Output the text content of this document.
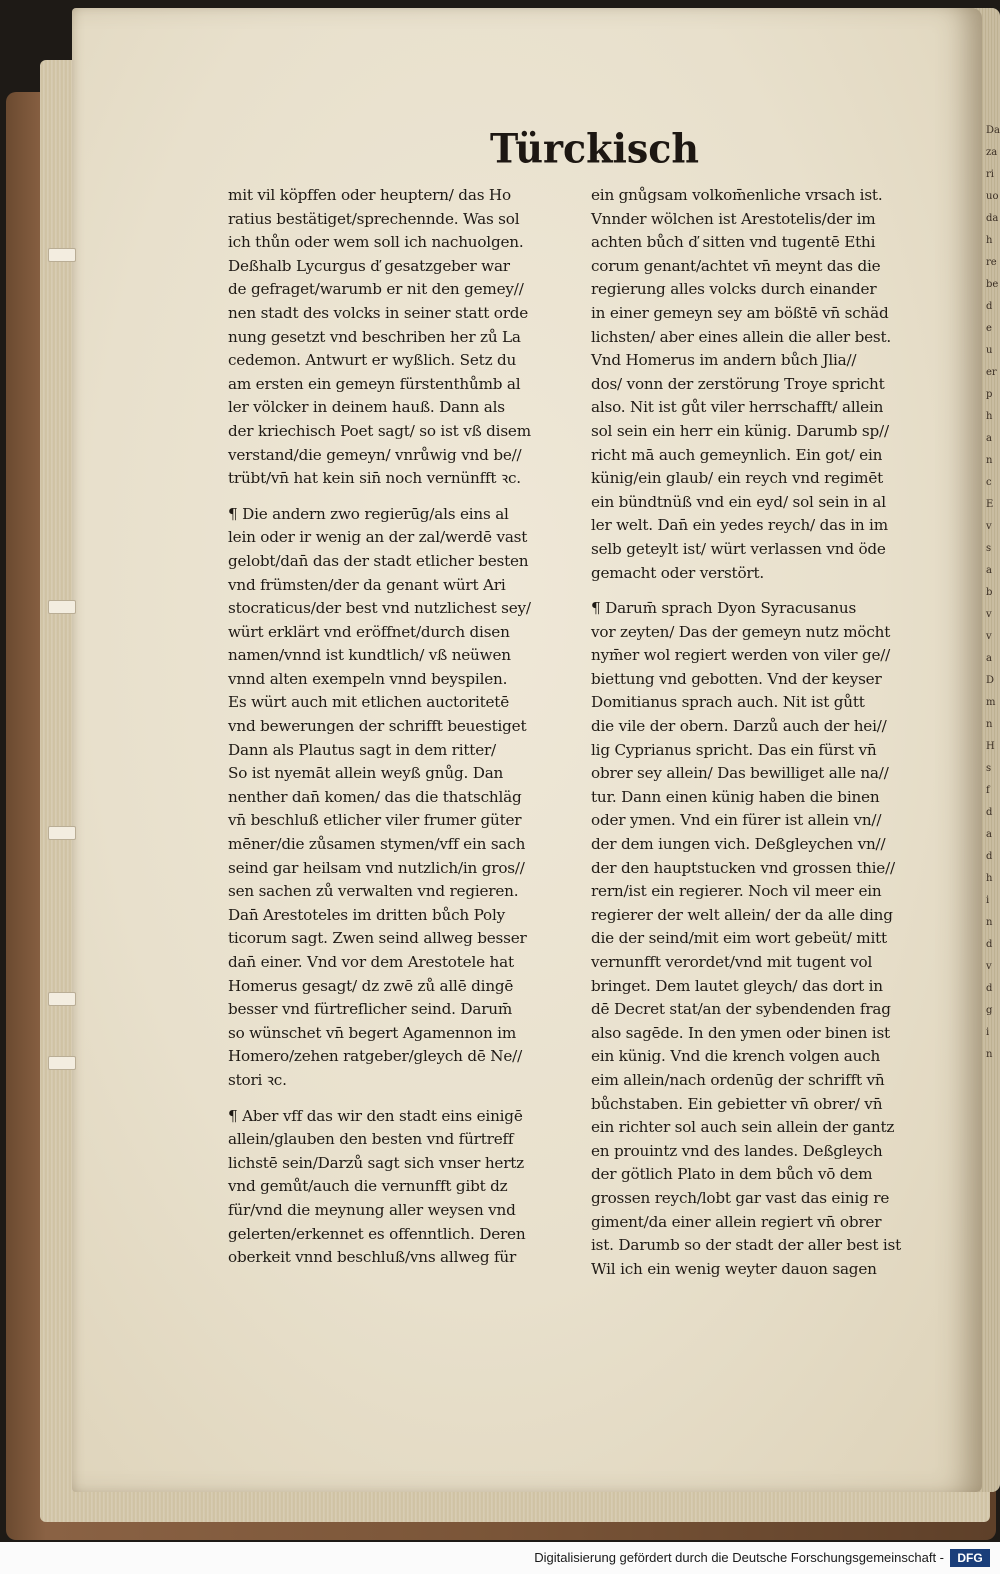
Da
za
ri
uo
da
h
re
be
d
e
u
er
p
h
a
n
c
E
v
s
a
b
v
v
a
D
m
n
H
s
f
d
a
d
h
i
n
d
v
d
g
i
n
Türckisch
mit vil köpffen oder heuptern/ das Ho
ratius bestätiget/sprechennde. Was sol
ich thůn oder wem soll ich nachuolgen.
Deßhalb Lycurgus ď gesatzgeber war
de gefraget/warumb er nit den gemey//
nen stadt des volcks in seiner statt orde
nung gesetzt vnd beschriben her zů La
cedemon. Antwurt er wyßlich. Setz du
am ersten ein gemeyn fürstenthůmb al
ler völcker in deinem hauß. Dann als
der kriechisch Poet sagt/ so ist vß disem
verstand/die gemeyn/ vnrůwig vnd be//
trübt/vn̄ hat kein sin̄ noch vernünfft ꝛc.
¶ Die andern zwo regierūg/als eins al
lein oder ir wenig an der zal/werdē vast
gelobt/dan̄ das der stadt etlicher besten
vnd frümsten/der da genant würt Ari
stocraticus/der best vnd nutzlichest sey/
würt erklärt vnd eröffnet/durch disen
namen/vnnd ist kundtlich/ vß neüwen
vnnd alten exempeln vnnd beyspilen.
Es würt auch mit etlichen auctoritetē
vnd bewerungen der schrifft beuestiget
Dann als Plautus sagt in dem ritter/
So ist nyemāt allein weyß gnůg. Dan
nenther dan̄ komen/ das die thatschläg
vn̄ beschluß etlicher viler frumer güter
mēner/die zůsamen stymen/vff ein sach
seind gar heilsam vnd nutzlich/in gros//
sen sachen zů verwalten vnd regieren.
Dan̄ Arestoteles im dritten bůch Poly
ticorum sagt. Zwen seind allweg besser
dan̄ einer. Vnd vor dem Arestotele hat
Homerus gesagt/ dz zwē zů allē dingē
besser vnd fürtreflicher seind. Darum̄
so wünschet vn̄ begert Agamennon im
Homero/zehen ratgeber/gleych dē Ne//
stori ꝛc.
¶ Aber vff das wir den stadt eins einigē
allein/glauben den besten vnd fürtreff
lichstē sein/Darzů sagt sich vnser hertz
vnd gemůt/auch die vernunfft gibt dz
für/vnd die meynung aller weysen vnd
gelerten/erkennet es offenntlich. Deren
oberkeit vnnd beschluß/vns allweg für
ein gnůgsam volkom̄enliche vrsach ist.
Vnnder wölchen ist Arestotelis/der im
achten bůch ď sitten vnd tugentē Ethi
corum genant/achtet vn̄ meynt das die
regierung alles volcks durch einander
in einer gemeyn sey am bößtē vn̄ schäd
lichsten/ aber eines allein die aller best.
Vnd Homerus im andern bůch Jlia//
dos/ vonn der zerstörung Troye spricht
also. Nit ist gůt viler herrschafft/ allein
sol sein ein herr ein künig. Darumb sp//
richt mā auch gemeynlich. Ein got/ ein
künig/ein glaub/ ein reych vnd regimēt
ein bündtnüß vnd ein eyd/ sol sein in al
ler welt. Dan̄ ein yedes reych/ das in im
selb geteylt ist/ würt verlassen vnd öde
gemacht oder verstört.
¶ Darum̄ sprach Dyon Syracusanus
vor zeyten/ Das der gemeyn nutz möcht
nym̄er wol regiert werden von viler ge//
biettung vnd gebotten. Vnd der keyser
Domitianus sprach auch. Nit ist gůtt
die vile der obern. Darzů auch der hei//
lig Cyprianus spricht. Das ein fürst vn̄
obrer sey allein/ Das bewilliget alle na//
tur. Dann einen künig haben die binen
oder ymen. Vnd ein fürer ist allein vn//
der dem iungen vich. Deßgleychen vn//
der den hauptstucken vnd grossen thie//
rern/ist ein regierer. Noch vil meer ein
regierer der welt allein/ der da alle ding
die der seind/mit eim wort gebeüt/ mitt
vernunfft verordet/vnd mit tugent vol
bringet. Dem lautet gleych/ das dort in
dē Decret stat/an der sybendenden frag
also sagēde. In den ymen oder binen ist
ein künig. Vnd die krench volgen auch
eim allein/nach ordenūg der schrifft vn̄
bůchstaben. Ein gebietter vn̄ obrer/ vn̄
ein richter sol auch sein allein der gantz
en prouintz vnd des landes. Deßgleych
der götlich Plato in dem bůch vō dem
grossen reych/lobt gar vast das einig re
giment/da einer allein regiert vn̄ obrer
ist. Darumb so der stadt der aller best ist
Wil ich ein wenig weyter dauon sagen
Digitalisierung gefördert durch die Deutsche Forschungsgemeinschaft -	DFG
